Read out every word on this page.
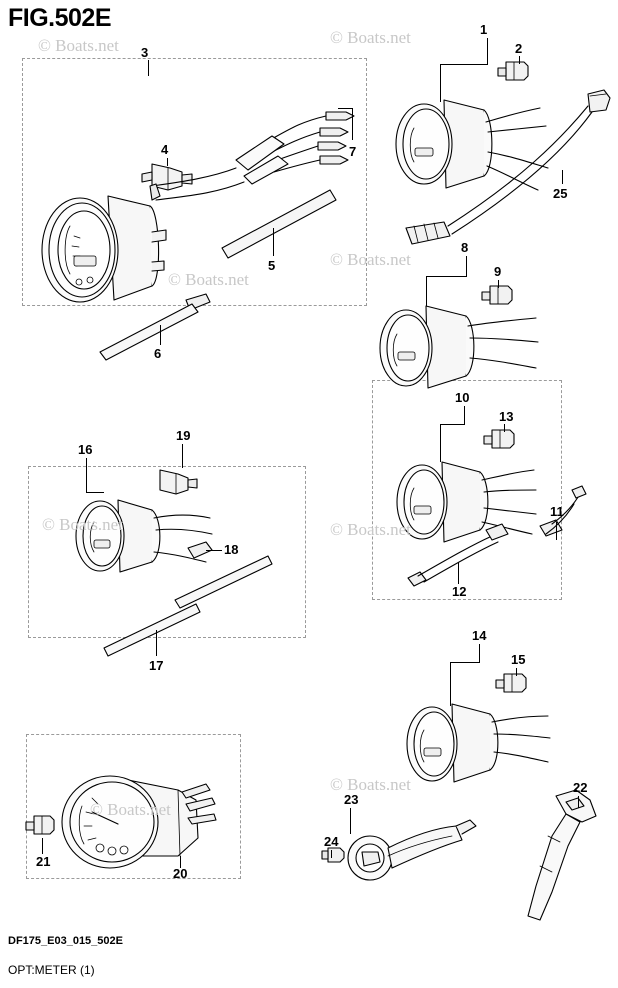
FIG.502E	1
2
3
4
5
6
7
8
9
10
11
12
13
14
15
16
17
18
19
20
21
22
23
24
25
© Boats.net	© Boats.net
© Boats.net
© Boats.net
© Boats.net	© Boats.net
© Boats.net
© Boats.net
DF175_E03_015_502E
OPT:METER (1)
